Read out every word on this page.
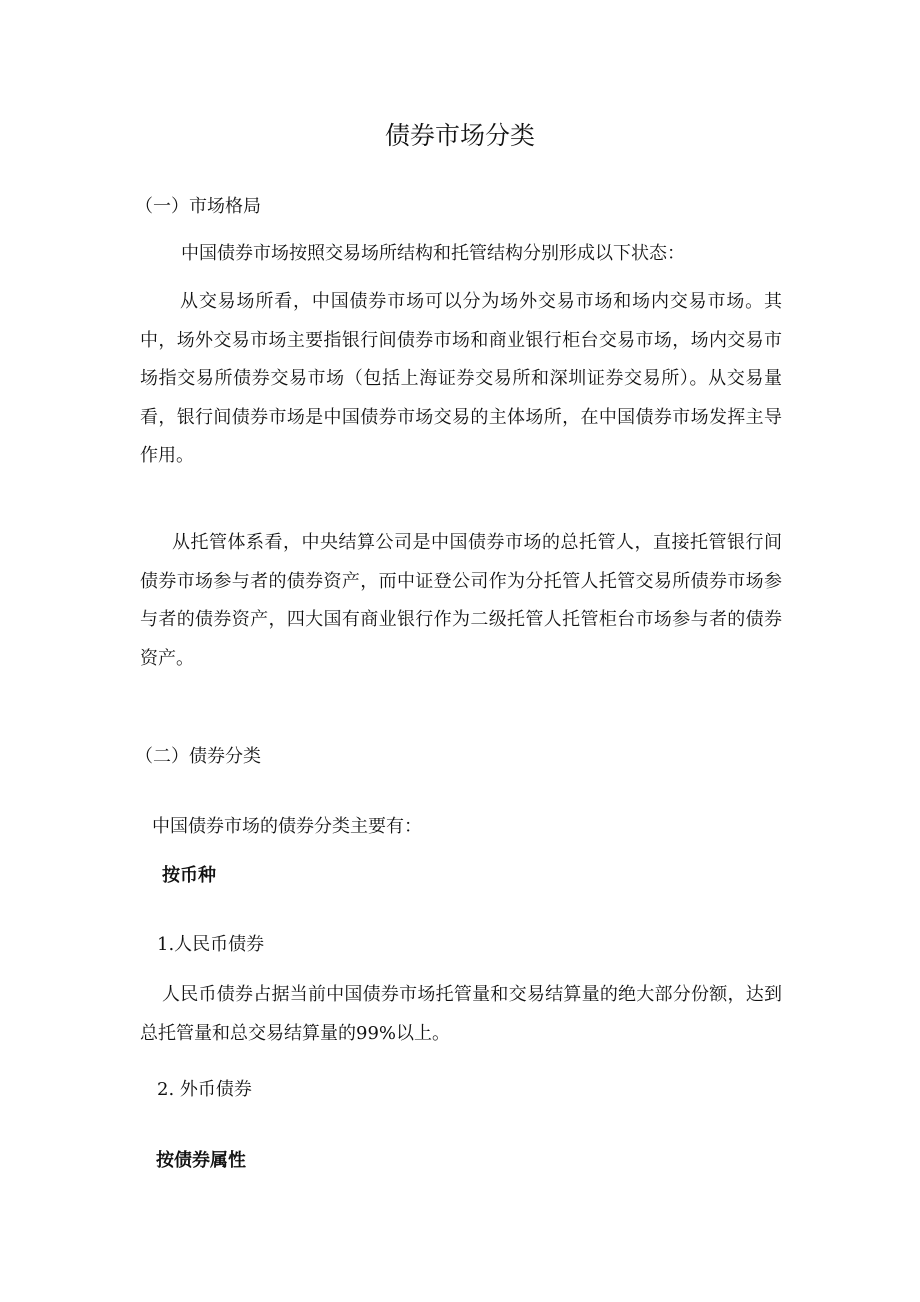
债券市场分类

（一）市场格局

中国债券市场按照交易场所结构和托管结构分别形成以下状态：

从交易场所看，中国债券市场可以分为场外交易市场和场内交易市场。其中，场外交易市场主要指银行间债券市场和商业银行柜台交易市场，场内交易市场指交易所债券交易市场（包括上海证券交易所和深圳证券交易所）。从交易量看，银行间债券市场是中国债券市场交易的主体场所，在中国债券市场发挥主导作用。

从托管体系看，中央结算公司是中国债券市场的总托管人，直接托管银行间债券市场参与者的债券资产，而中证登公司作为分托管人托管交易所债券市场参与者的债券资产，四大国有商业银行作为二级托管人托管柜台市场参与者的债券资产。

（二）债券分类

中国债券市场的债券分类主要有：

按币种

1.人民币债券

人民币债券占据当前中国债券市场托管量和交易结算量的绝大部分份额，达到总托管量和总交易结算量的99%以上。

2. 外币债券

按债券属性
